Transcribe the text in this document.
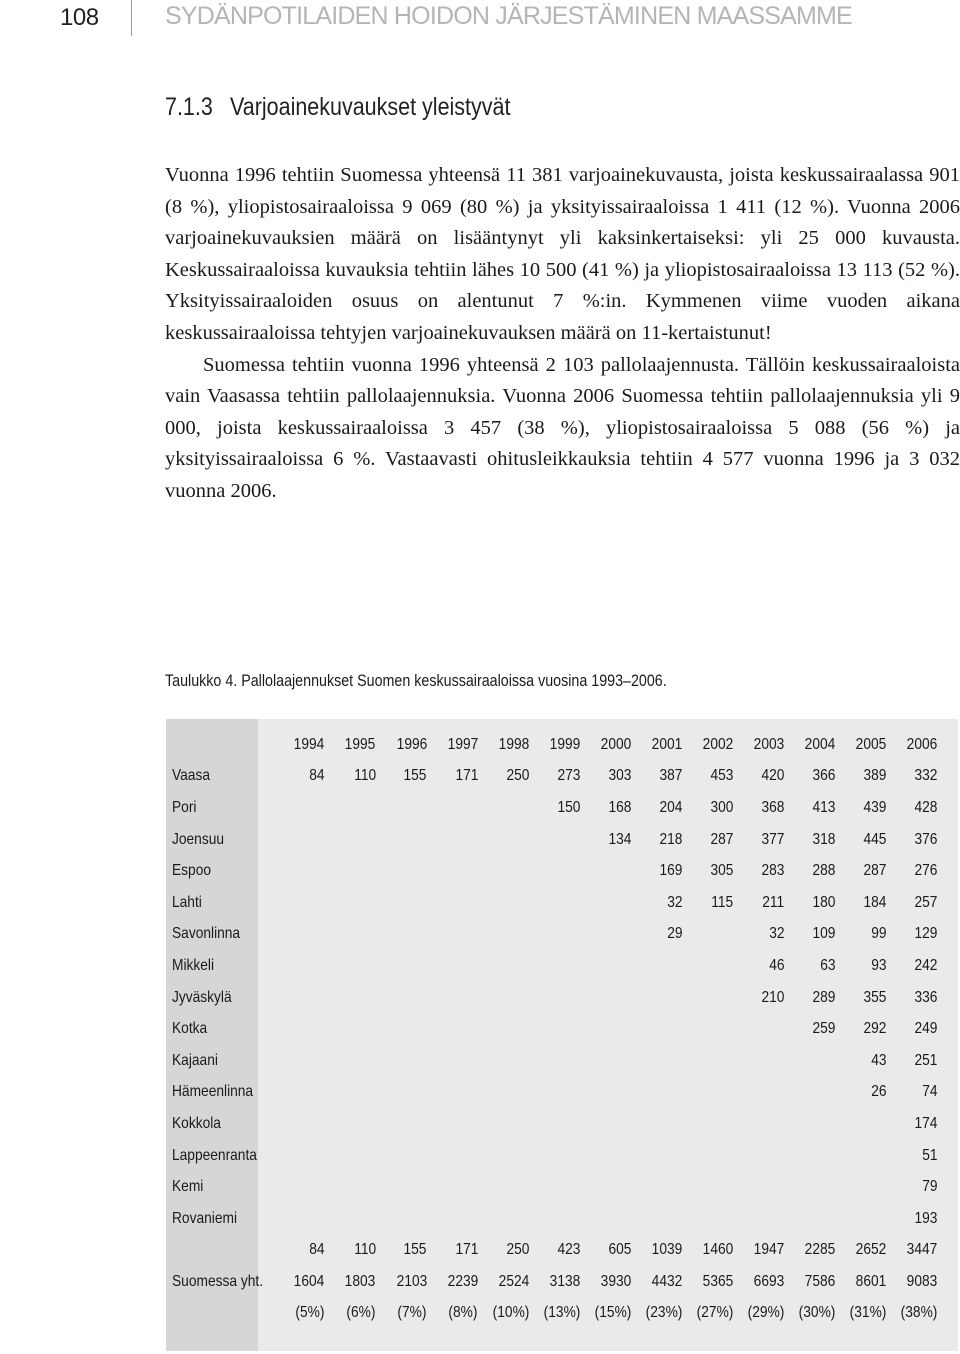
108	SYDÄNPOTILAIDEN HOIDON JÄRJESTÄMINEN MAASSAMME
7.1.3 Varjoainekuvaukset yleistyvät

Vuonna 1996 tehtiin Suomessa yhteensä 11 381 varjoainekuvausta, joista keskussairaalassa 901 (8 %), yliopistosairaaloissa 9 069 (80 %) ja yksityissairaaloissa 1 411 (12 %). Vuonna 2006 varjoainekuvauksien määrä on lisääntynyt yli kaksinkertaiseksi: yli 25 000 kuvausta. Keskussairaaloissa kuvauksia tehtiin lähes 10 500 (41 %) ja yliopistosairaaloissa 13 113 (52 %). Yksityissairaaloiden osuus on alentunut 7 %:in. Kymmenen viime vuoden aikana keskussairaaloissa tehtyjen varjoainekuvauksen määrä on 11-kertaistunut!

Suomessa tehtiin vuonna 1996 yhteensä 2 103 pallolaajennusta. Tällöin keskussairaaloista vain Vaasassa tehtiin pallolaajennuksia. Vuonna 2006 Suomessa tehtiin pallolaajennuksia yli 9 000, joista keskussairaaloissa 3 457 (38 %), yliopistosairaaloissa 5 088 (56 %) ja yksityissairaaloissa 6 %. Vastaavasti ohitusleikkauksia tehtiin 4 577 vuonna 1996 ja 3 032 vuonna 2006.

Taulukko 4. Pallolaajennukset Suomen keskussairaaloissa vuosina 1993–2006.
	1994	1995	1996	1997	1998	1999	2000	2001	2002	2003	2004	2005	2006
Vaasa	84	110	155	171	250	273	303	387	453	420	366	389	332
Pori						150	168	204	300	368	413	439	428
Joensuu							134	218	287	377	318	445	376
Espoo								169	305	283	288	287	276
Lahti								32	115	211	180	184	257
Savonlinna								29		32	109	99	129
Mikkeli										46	63	93	242
Jyväskylä										210	289	355	336
Kotka											259	292	249
Kajaani												43	251
Hämeenlinna												26	74
Kokkola													174
Lappeenranta													51
Kemi													79
Rovaniemi													193
	84	110	155	171	250	423	605	1039	1460	1947	2285	2652	3447
Suomessa yht.	1604	1803	2103	2239	2524	3138	3930	4432	5365	6693	7586	8601	9083
	(5%)	(6%)	(7%)	(8%)	(10%)	(13%)	(15%)	(23%)	(27%)	(29%)	(30%)	(31%)	(38%)
